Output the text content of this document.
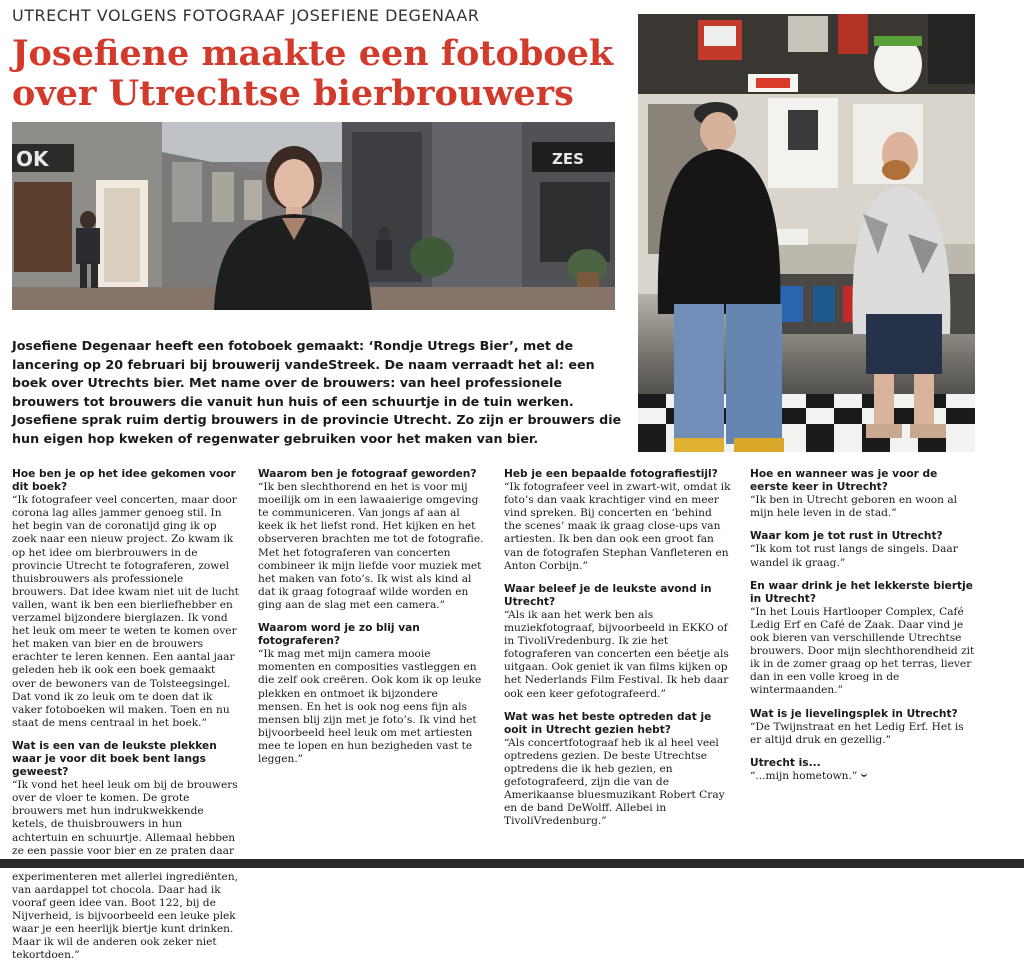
UTRECHT VOLGENS FOTOGRAAF JOSEFIENE DEGENAAR
Josefiene maakte een fotoboek over Utrechtse bierbrouwers
OK	ZES

Josefiene Degenaar heeft een fotoboek gemaakt: ‘Rondje Utregs Bier’, met de lancering op 20 februari bij brouwerij vandeStreek. De naam verraadt het al: een boek over Utrechts bier. Met name over de brouwers: van heel professionele brouwers tot brouwers die vanuit hun huis of een schuurtje in de tuin werken. Josefiene sprak ruim dertig brouwers in de provincie Utrecht. Zo zijn er brouwers die hun eigen hop kweken of regenwater gebruiken voor het maken van bier.

Hoe ben je op het idee gekomen voor dit boek?

“Ik fotografeer veel concerten, maar door corona lag alles jammer genoeg stil. In het begin van de coronatijd ging ik op zoek naar een nieuw project. Zo kwam ik op het idee om bierbrouwers in de provincie Utrecht te fotograferen, zowel thuisbrouwers als professionele brouwers. Dat idee kwam niet uit de lucht vallen, want ik ben een bierliefhebber en verzamel bijzondere bierglazen. Ik vond het leuk om meer te weten te komen over het maken van bier en de brouwers erachter te leren kennen. Een aantal jaar geleden heb ik ook een boek gemaakt over de bewoners van de Tolsteegsingel. Dat vond ik zo leuk om te doen dat ik vaker fotoboeken wil maken. Toen en nu staat de mens centraal in het boek.”

Wat is een van de leukste plekken waar je voor dit boek bent langs geweest?

“Ik vond het heel leuk om bij de brouwers over de vloer te komen. De grote brouwers met hun indrukwekkende ketels, de thuisbrouwers in hun achtertuin en schuurtje. Allemaal hebben ze een passie voor bier en ze praten daar experimenteren met allerlei ingrediënten, van aardappel tot chocola. Daar had ik vooraf geen idee van. Boot 122, bij de Nijverheid, is bijvoorbeeld een leuke plek waar je een heerlijk biertje kunt drinken. Maar ik wil de anderen ook zeker niet tekortdoen.”

Waarom ben je fotograaf geworden?

“Ik ben slechthorend en het is voor mij moeilijk om in een lawaaierige omgeving te communiceren. Van jongs af aan al keek ik het liefst rond. Het kijken en het observeren brachten me tot de fotografie. Met het fotograferen van concerten combineer ik mijn liefde voor muziek met het maken van foto’s. Ik wist als kind al dat ik graag fotograaf wilde worden en ging aan de slag met een camera.”

Waarom word je zo blij van fotograferen?

“Ik mag met mijn camera mooie momenten en composities vastleggen en die zelf ook creëren. Ook kom ik op leuke plekken en ontmoet ik bijzondere mensen. En het is ook nog eens fijn als mensen blij zijn met je foto’s. Ik vind het bijvoorbeeld heel leuk om met artiesten mee te lopen en hun bezigheden vast te leggen.”

Heb je een bepaalde fotografiestijl?

“Ik fotografeer veel in zwart-wit, omdat ik foto’s dan vaak krachtiger vind en meer vind spreken. Bij concerten en ‘behind the scenes’ maak ik graag close-ups van artiesten. Ik ben dan ook een groot fan van de fotografen Stephan Vanfleteren en Anton Corbijn.”

Waar beleef je de leukste avond in Utrecht?

“Als ik aan het werk ben als muziekfotograaf, bijvoorbeeld in EKKO of in TivoliVredenburg. Ik zie het fotograferen van concerten een béetje als uitgaan. Ook geniet ik van films kijken op het Nederlands Film Festival. Ik heb daar ook een keer gefotografeerd.”

Wat was het beste optreden dat je ooit in Utrecht gezien hebt?

“Als concertfotograaf heb ik al heel veel optredens gezien. De beste Utrechtse optredens die ik heb gezien, en gefotografeerd, zijn die van de Amerikaanse bluesmuzikant Robert Cray en de band DeWolff. Allebei in TivoliVredenburg.”

Hoe en wanneer was je voor de eerste keer in Utrecht?

“Ik ben in Utrecht geboren en woon al mijn hele leven in de stad.”

Waar kom je tot rust in Utrecht?

“Ik kom tot rust langs de singels. Daar wandel ik graag.”

En waar drink je het lekkerste biertje in Utrecht?

“In het Louis Hartlooper Complex, Café Ledig Erf en Café de Zaak. Daar vind je ook bieren van verschillende Utrechtse brouwers. Door mijn slechthorendheid zit ik in de zomer graag op het terras, liever dan in een volle kroeg in de wintermaanden.”

Wat is je lievelingsplek in Utrecht?

“De Twijnstraat en het Ledig Erf. Het is er altijd druk en gezellig.”

Utrecht is...

“...mijn hometown.”
